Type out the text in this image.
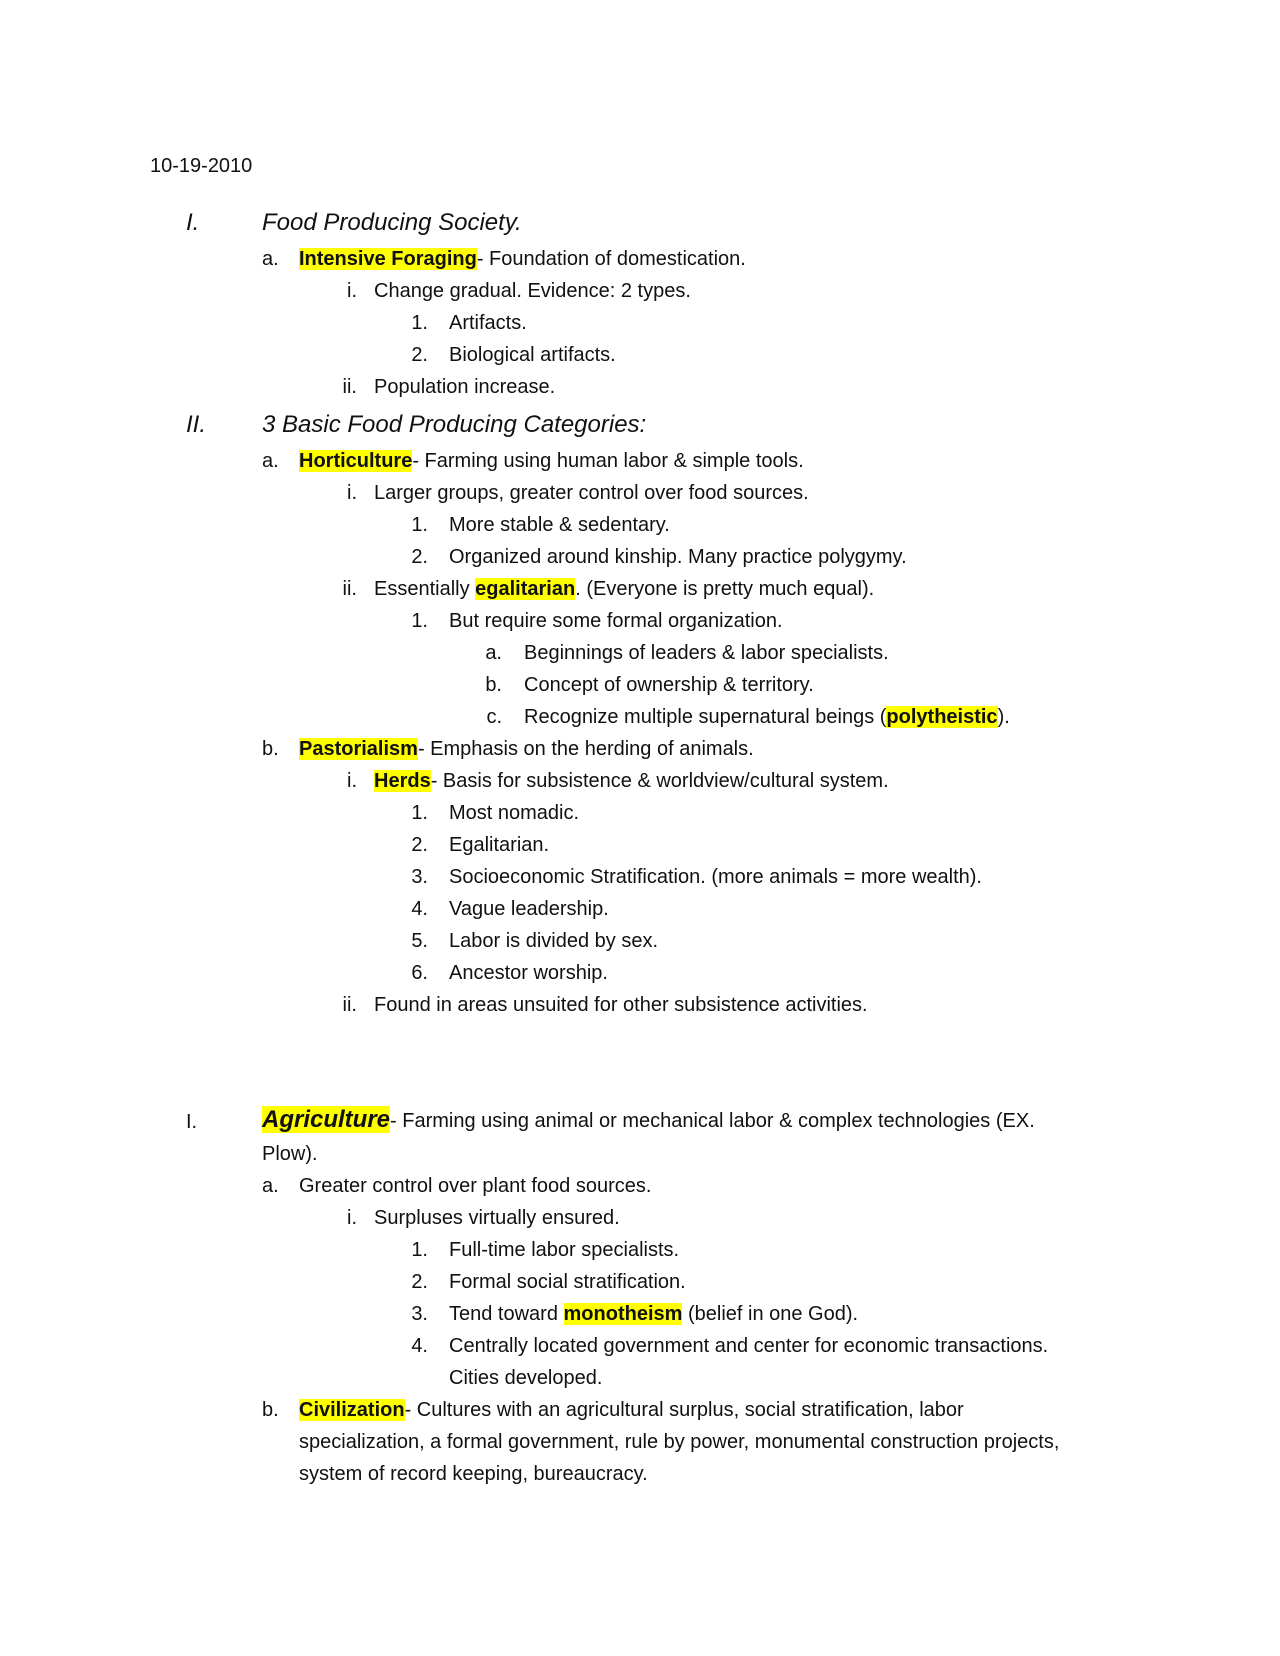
10-19-2010
I.	Food Producing Society.
a. Intensive Foraging- Foundation of domestication.
i. Change gradual. Evidence: 2 types.
1. Artifacts.
2. Biological artifacts.
ii. Population increase.
II. 3 Basic Food Producing Categories:
a. Horticulture- Farming using human labor & simple tools.
i. Larger groups, greater control over food sources.
1. More stable & sedentary.
2. Organized around kinship. Many practice polygymy.
ii. Essentially egalitarian. (Everyone is pretty much equal).
1. But require some formal organization.
a. Beginnings of leaders & labor specialists.
b. Concept of ownership & territory.
c. Recognize multiple supernatural beings (polytheistic).
b. Pastorialism- Emphasis on the herding of animals.
i. Herds- Basis for subsistence & worldview/cultural system.
1. Most nomadic.
2. Egalitarian.
3. Socioeconomic Stratification. (more animals = more wealth).
4. Vague leadership.
5. Labor is divided by sex.
6. Ancestor worship.
ii. Found in areas unsuited for other subsistence activities.
I.	Agriculture- Farming using animal or mechanical labor & complex technologies (EX.
Plow).
a. Greater control over plant food sources.
i. Surpluses virtually ensured.
1. Full-time labor specialists.
2. Formal social stratification.
3. Tend toward monotheism (belief in one God).
4. Centrally located government and center for economic transactions.
Cities developed.
b. Civilization- Cultures with an agricultural surplus, social stratification, labor
specialization, a formal government, rule by power, monumental construction projects,
system of record keeping, bureaucracy.
